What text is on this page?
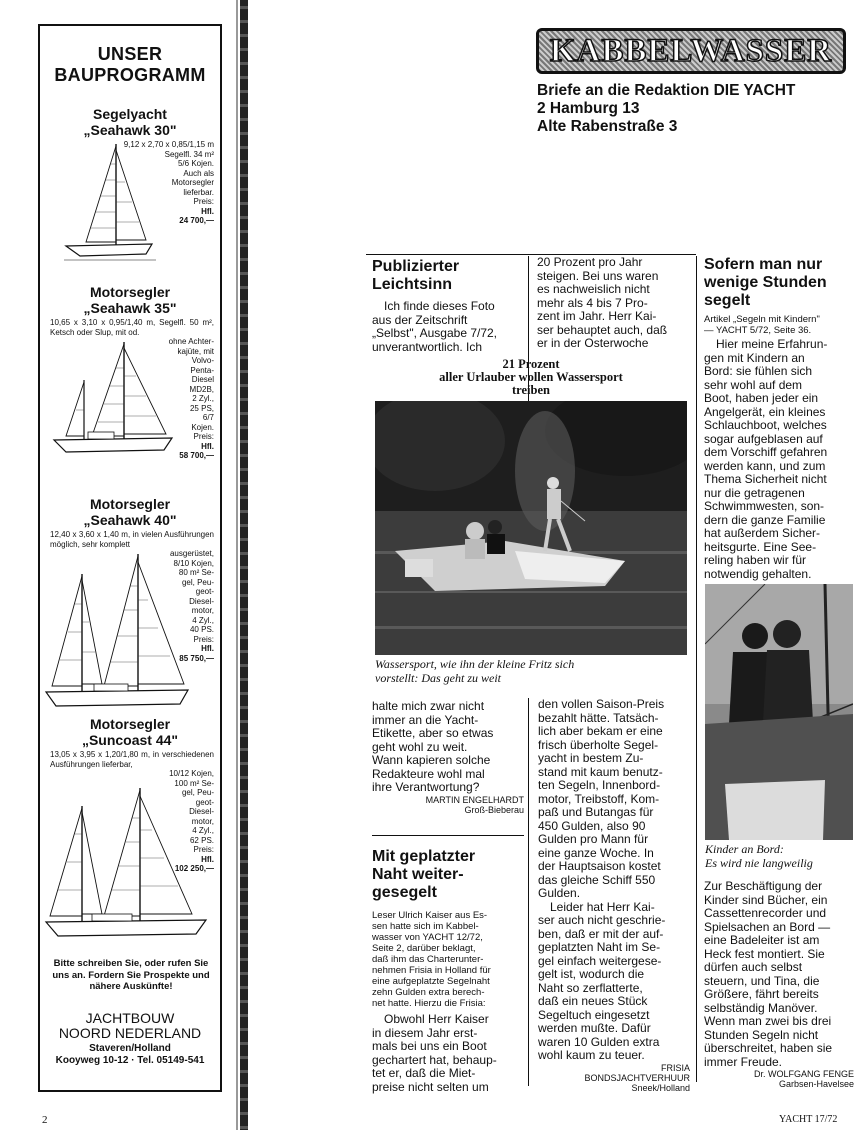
UNSER
BAUPROGRAMM
Segelyacht
„Seahawk 30"
9,12 x 2,70 x 0,85/1,15 m
Segelfl. 34 m²
5/6 Kojen.
Auch als
Motorsegler
lieferbar.
Preis:
Hfl.
24 700,—
Motorsegler
„Seahawk 35"
10,65 x 3,10 x 0,95/1,40 m, Segelfl. 50 m², Ketsch oder Slup, mit od.
ohne Achter-
kajüte, mit
Volvo-
Penta-
Diesel
MD2B,
2 Zyl.,
25 PS,
6/7
Kojen.
Preis:
Hfl.
58 700,—
Motorsegler
„Seahawk 40"
12,40 x 3,60 x 1,40 m, in vielen Ausführungen möglich, sehr komplett
ausgerüstet,
8/10 Kojen,
80 m² Se-
gel, Peu-
geot-
Diesel-
motor,
4 Zyl.,
40 PS.
Preis:
Hfl.
85 750,—
Motorsegler
„Suncoast 44"
13,05 x 3,95 x 1,20/1,80 m, in verschiedenen Ausführungen lieferbar,
10/12 Kojen,
100 m² Se-
gel, Peu-
geot-
Diesel-
motor,
4 Zyl.,
62 PS.
Preis:
Hfl.
102 250,—
Bitte schreiben Sie, oder rufen Sie uns an. Fordern Sie Prospekte und nähere Auskünfte!
JACHTBOUW
NOORD NEDERLAND
Staveren/Holland
Kooyweg 10-12 · Tel. 05149-541
2	YACHT 17/72
KABBELWASSER
Briefe an die Redaktion DIE YACHT
2 Hamburg 13
Alte Rabenstraße 3
Publizierter
Leichtsinn
Ich finde dieses Foto
aus der Zeitschrift
„Selbst", Ausgabe 7/72,
unverantwortlich. Ich
20 Prozent pro Jahr
steigen. Bei uns waren
es nachweislich nicht
mehr als 4 bis 7 Pro-
zent im Jahr. Herr Kai-
ser behauptet auch, daß
er in der Osterwoche
21 Prozent
aller Urlauber wollen Wassersport
treiben
Wassersport, wie ihn der kleine Fritz sich
vorstellt: Das geht zu weit
halte mich zwar nicht
immer an die Yacht-
Etikette, aber so etwas
geht wohl zu weit.
Wann kapieren solche
Redakteure wohl mal
ihre Verantwortung?
MARTIN ENGELHARDT
Groß-Bieberau
Mit geplatzter
Naht weiter-
gesegelt
Leser Ulrich Kaiser aus Es-
sen hatte sich im Kabbel-
wasser von YACHT 12/72,
Seite 2, darüber beklagt,
daß ihm das Charterunter-
nehmen Frisia in Holland für
eine aufgeplatzte Segelnaht
zehn Gulden extra berech-
net hatte. Hierzu die Frisia:
Obwohl Herr Kaiser
in diesem Jahr erst-
mals bei uns ein Boot
gechartert hat, behaup-
tet er, daß die Miet-
preise nicht selten um
den vollen Saison-Preis
bezahlt hätte. Tatsäch-
lich aber bekam er eine
frisch überholte Segel-
yacht in bestem Zu-
stand mit kaum benutz-
ten Segeln, Innenbord-
motor, Treibstoff, Kom-
paß und Butangas für
450 Gulden, also 90
Gulden pro Mann für
eine ganze Woche. In
der Hauptsaison kostet
das gleiche Schiff 550
Gulden.
Leider hat Herr Kai-
ser auch nicht geschrie-
ben, daß er mit der auf-
geplatzten Naht im Se-
gel einfach weitergese-
gelt ist, wodurch die
Naht so zerflatterte,
daß ein neues Stück
Segeltuch eingesetzt
werden mußte. Dafür
waren 10 Gulden extra
wohl kaum zu teuer.
FRISIA
BONDSJACHTVERHUUR
Sneek/Holland
Sofern man nur
wenige Stunden
segelt
Artikel „Segeln mit Kindern"
— YACHT 5/72, Seite 36.
Hier meine Erfahrun-
gen mit Kindern an
Bord: sie fühlen sich
sehr wohl auf dem
Boot, haben jeder ein
Angelgerät, ein kleines
Schlauchboot, welches
sogar aufgeblasen auf
dem Vorschiff gefahren
werden kann, und zum
Thema Sicherheit nicht
nur die getragenen
Schwimmwesten, son-
dern die ganze Familie
hat außerdem Sicher-
heitsgurte. Eine See-
reling haben wir für
notwendig gehalten.
Kinder an Bord:
Es wird nie langweilig
Zur Beschäftigung der
Kinder sind Bücher, ein
Cassettenrecorder und
Spielsachen an Bord —
eine Badeleiter ist am
Heck fest montiert. Sie
dürfen auch selbst
steuern, und Tina, die
Größere, fährt bereits
selbständig Manöver.
Wenn man zwei bis drei
Stunden Segeln nicht
überschreitet, haben sie
immer Freude.
Dr. WOLFGANG FENGE
Garbsen-Havelsee
